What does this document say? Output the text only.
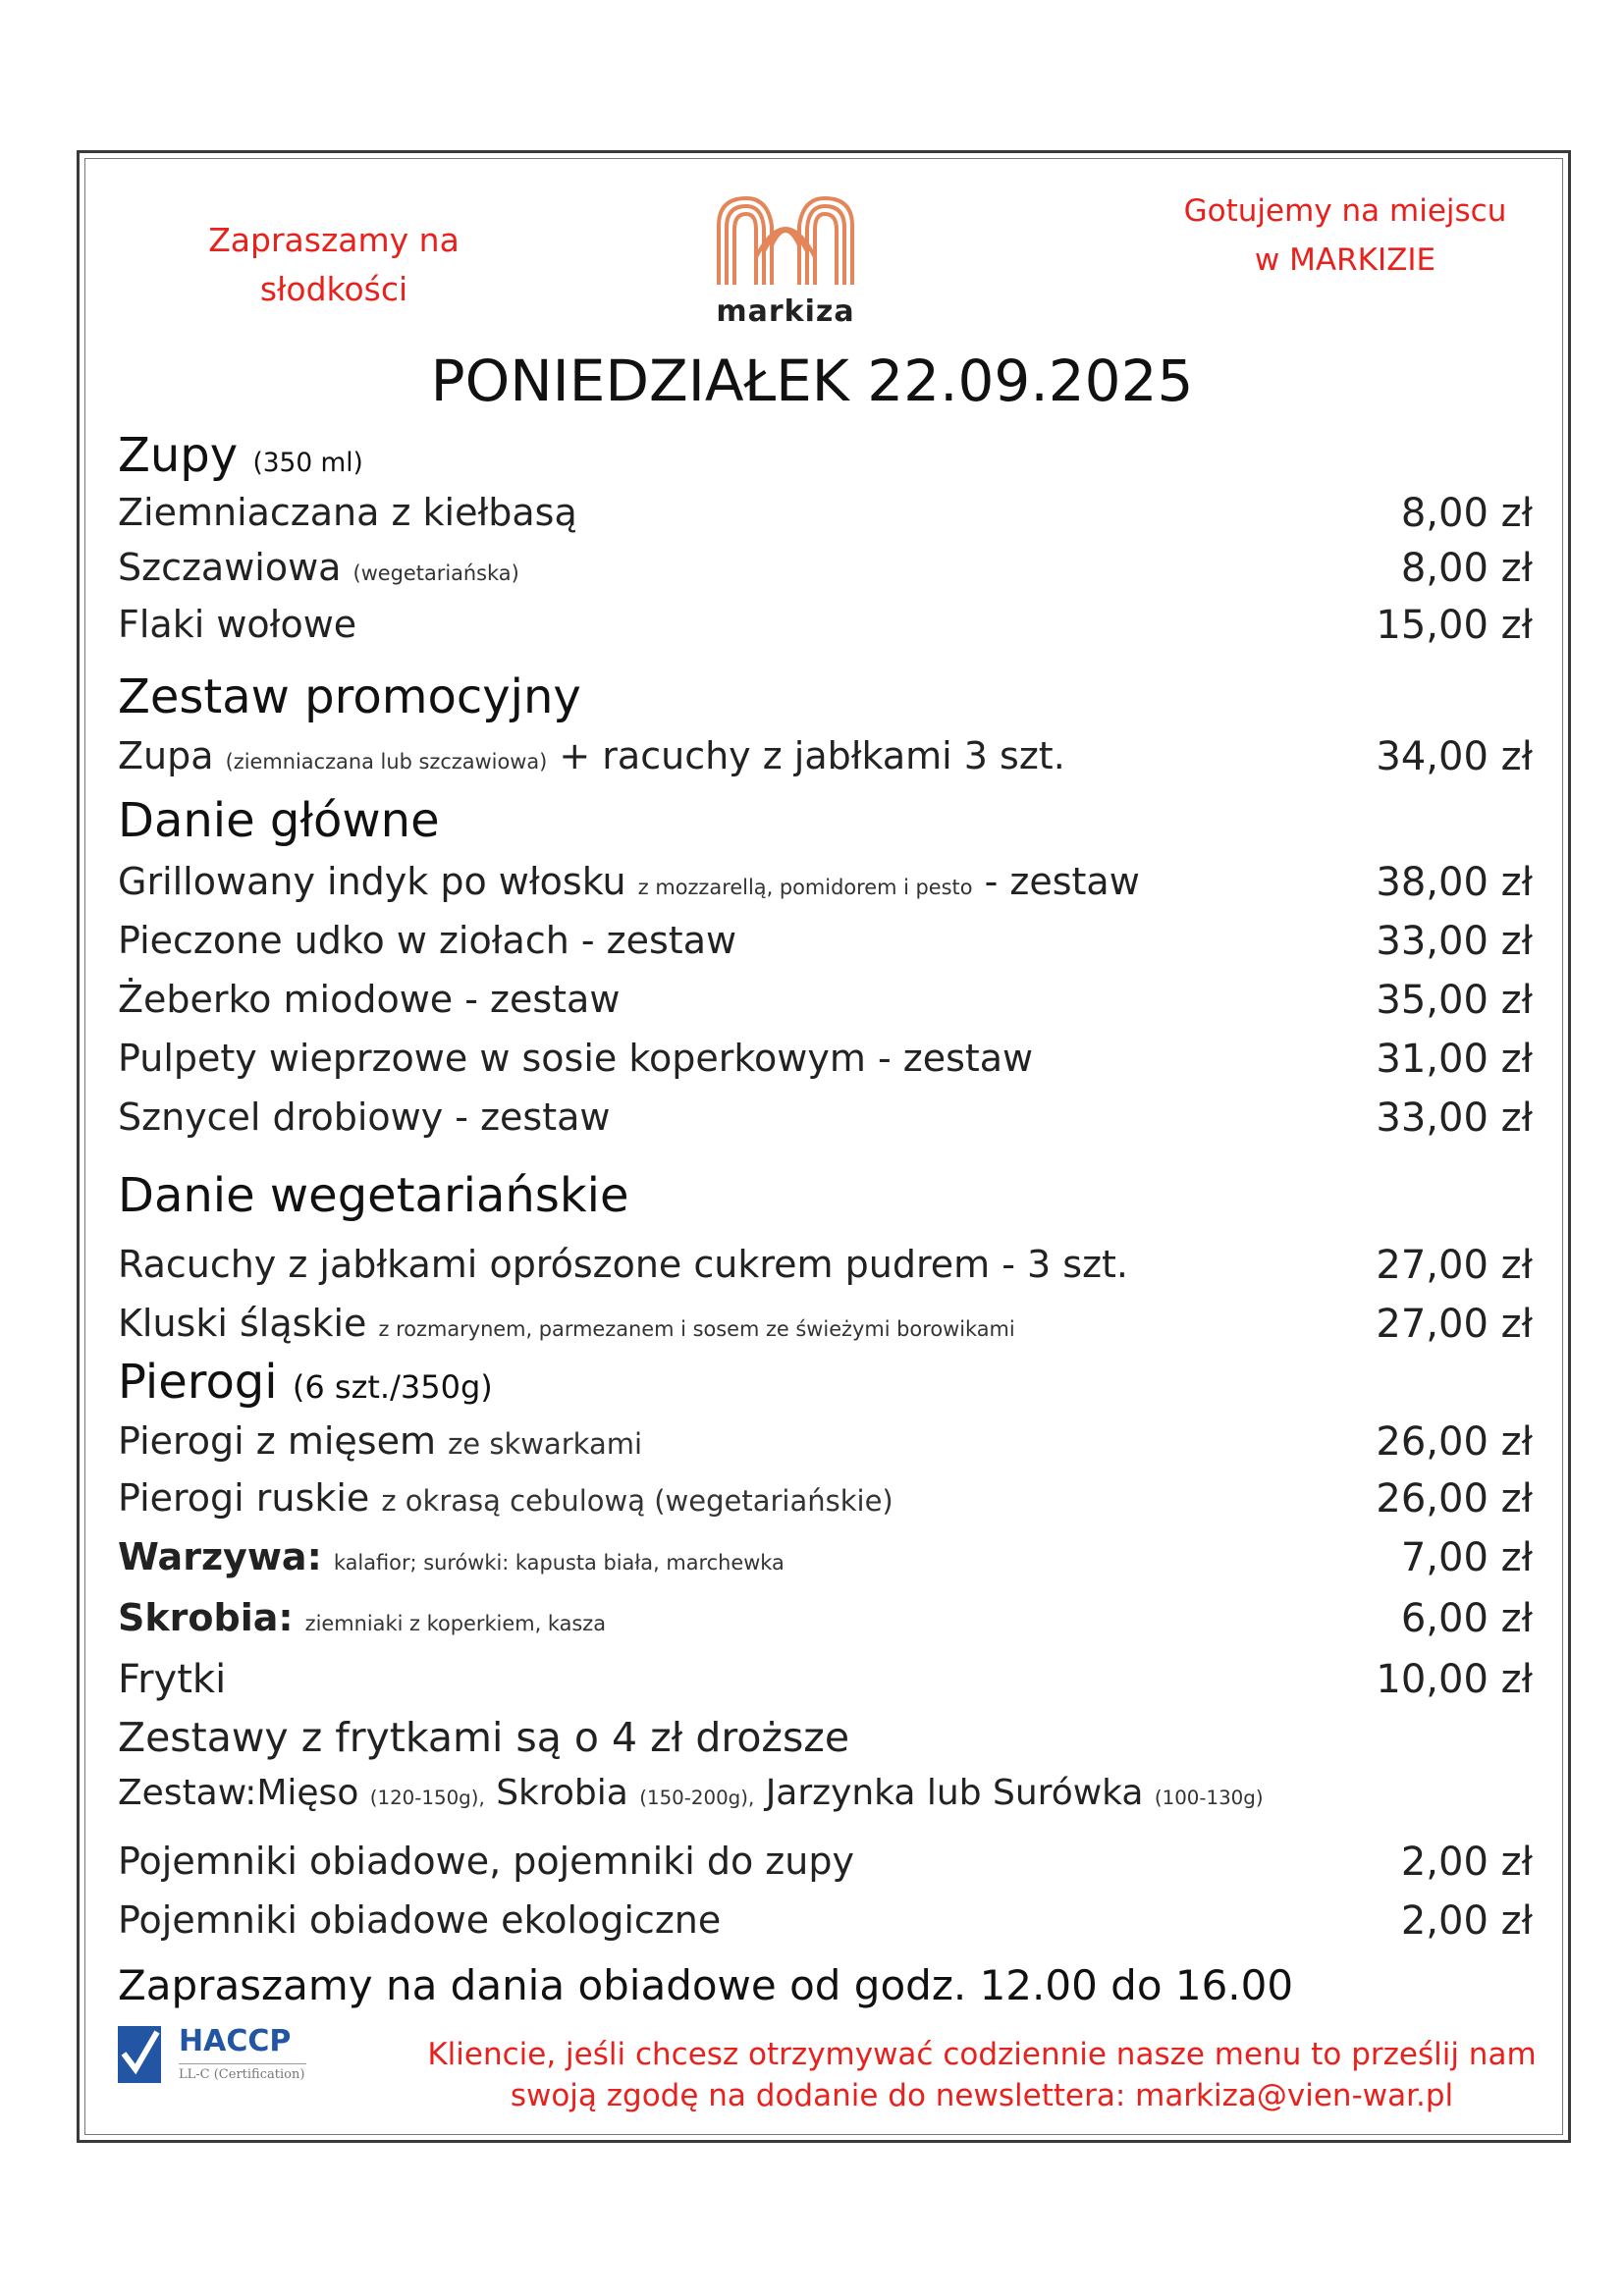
Zapraszamy na
słodkości
Gotujemy na miejscu
w MARKIZIE
markiza
PONIEDZIAŁEK 22.09.2025
Zupy (350 ml)
Ziemniaczana z kiełbasą	8,00 zł
Szczawiowa (wegetariańska)	8,00 zł
Flaki wołowe	15,00 zł
Zestaw promocyjny
Zupa (ziemniaczana lub szczawiowa) + racuchy z jabłkami 3 szt.	34,00 zł
Danie główne
Grillowany indyk po włosku z mozzarellą, pomidorem i pesto - zestaw	38,00 zł
Pieczone udko w ziołach - zestaw	33,00 zł
Żeberko miodowe - zestaw	35,00 zł
Pulpety wieprzowe w sosie koperkowym - zestaw	31,00 zł
Sznycel drobiowy - zestaw	33,00 zł
Danie wegetariańskie
Racuchy z jabłkami oprószone cukrem pudrem - 3 szt.	27,00 zł
Kluski śląskie z rozmarynem, parmezanem i sosem ze świeżymi borowikami	27,00 zł
Pierogi (6 szt./350g)
Pierogi z mięsem ze skwarkami	26,00 zł
Pierogi ruskie z okrasą cebulową (wegetariańskie)	26,00 zł
Warzywa: kalafior; surówki: kapusta biała, marchewka	7,00 zł
Skrobia: ziemniaki z koperkiem, kasza	6,00 zł
Frytki	10,00 zł
Zestawy z frytkami są o 4 zł droższe
Zestaw:Mięso (120-150g), Skrobia (150-200g), Jarzynka lub Surówka (100-130g)
Pojemniki obiadowe, pojemniki do zupy	2,00 zł
Pojemniki obiadowe ekologiczne	2,00 zł
Zapraszamy na dania obiadowe od godz. 12.00 do 16.00
HACCP
LL-C (Certification)
Kliencie, jeśli chcesz otrzymywać codziennie nasze menu to prześlij nam
swoją zgodę na dodanie do newslettera: markiza@vien-war.pl
